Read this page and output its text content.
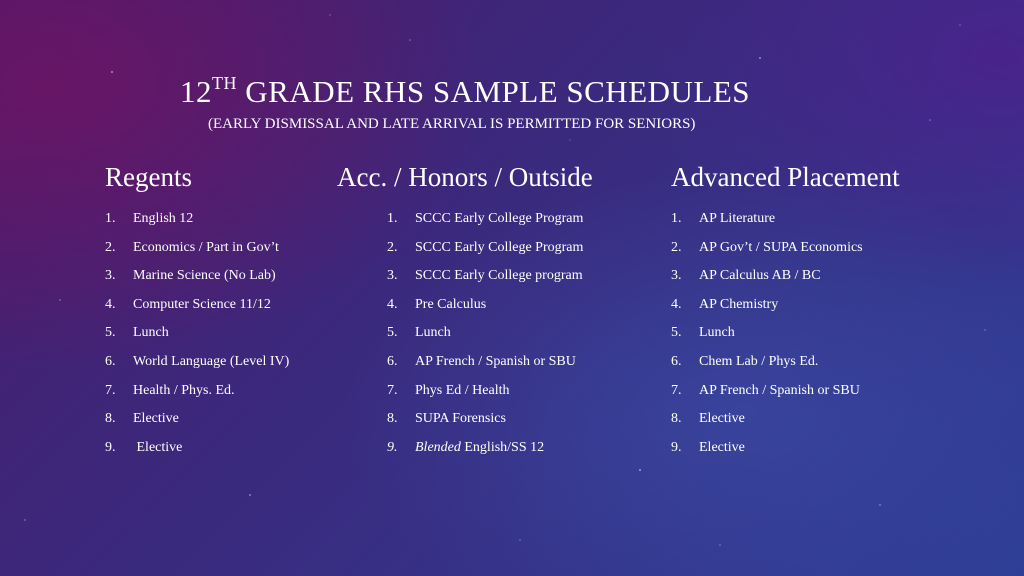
12TH GRADE RHS SAMPLE SCHEDULES
(EARLY DISMISSAL AND LATE ARRIVAL IS PERMITTED FOR SENIORS)
Regents
1. English 12
2. Economics / Part in Gov’t
3. Marine Science (No Lab)
4. Computer Science 11/12
5. Lunch
6. World Language (Level IV)
7. Health / Phys. Ed.
8. Elective
9. Elective
Acc. / Honors / Outside
1. SCCC Early College Program
2. SCCC Early College Program
3. SCCC Early College program
4. Pre Calculus
5. Lunch
6. AP French / Spanish or SBU
7. Phys Ed / Health
8. SUPA Forensics
9. Blended English/SS 12
Advanced Placement
1. AP Literature
2. AP Gov’t / SUPA Economics
3. AP Calculus AB / BC
4. AP Chemistry
5. Lunch
6. Chem Lab / Phys Ed.
7. AP French / Spanish or SBU
8. Elective
9. Elective
